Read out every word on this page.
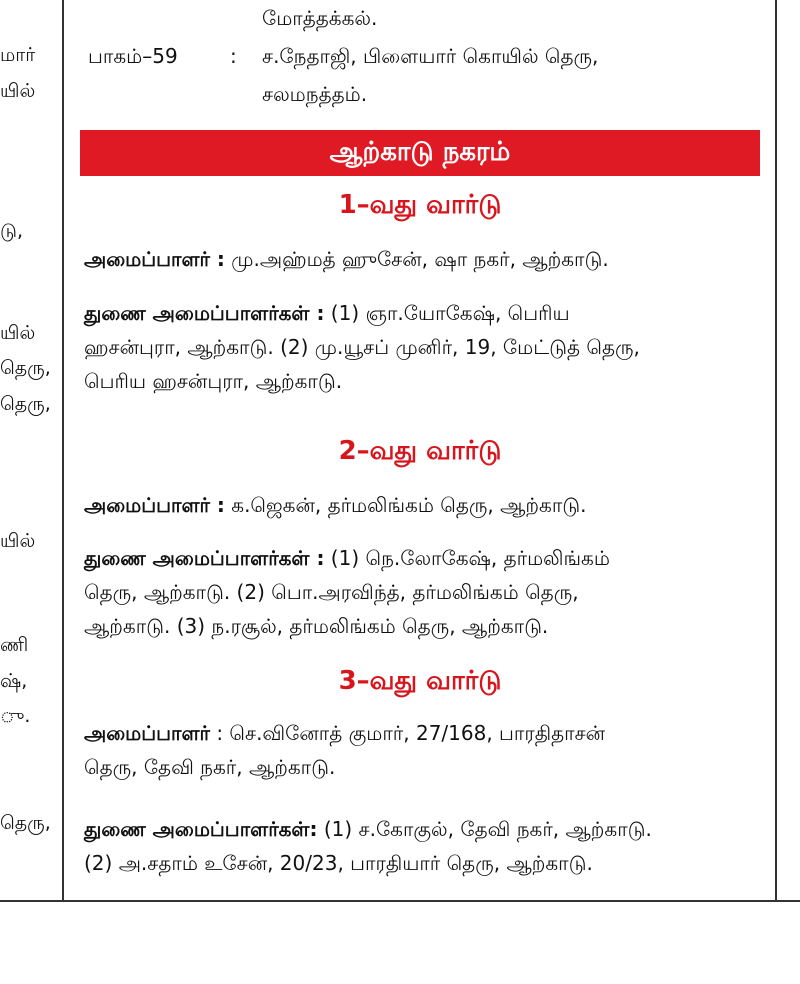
மார்
யில்
டு,
யில்
தெரு,
தெரு,
யில்
ணி
ஷ்,
ு.
தெரு,
மோத்தக்கல்.
பாகம்–59	: ச.நேதாஜி, பிளையார் கொயில் தெரு,
சலமநத்தம்.
ஆற்காடு நகரம்
1–வது வார்டு
அமைப்பாளர் : மு.அஹ்மத் ஹுசேன், ஷா நகர், ஆற்காடு.
துணை அமைப்பாளர்கள் : (1) ஞா.யோகேஷ், பெரிய
ஹசன்புரா, ஆற்காடு. (2) மு.யூசப் முனிர், 19, மேட்டுத் தெரு,
பெரிய ஹசன்புரா, ஆற்காடு.
2–வது வார்டு
அமைப்பாளர் : க.ஜெகன், தர்மலிங்கம் தெரு, ஆற்காடு.
துணை அமைப்பாளர்கள் : (1) நெ.லோகேஷ், தர்மலிங்கம்
தெரு, ஆற்காடு. (2) பொ.அரவிந்த், தர்மலிங்கம் தெரு,
ஆற்காடு. (3) ந.ரசூல், தர்மலிங்கம் தெரு, ஆற்காடு.
3–வது வார்டு
அமைப்பாளர் : செ.வினோத் குமார், 27/168, பாரதிதாசன்
தெரு, தேவி நகர், ஆற்காடு.
துணை அமைப்பாளர்கள்: (1) ச.கோகுல், தேவி நகர், ஆற்காடு.
(2) அ.சதாம் உசேன், 20/23, பாரதியார் தெரு, ஆற்காடு.
